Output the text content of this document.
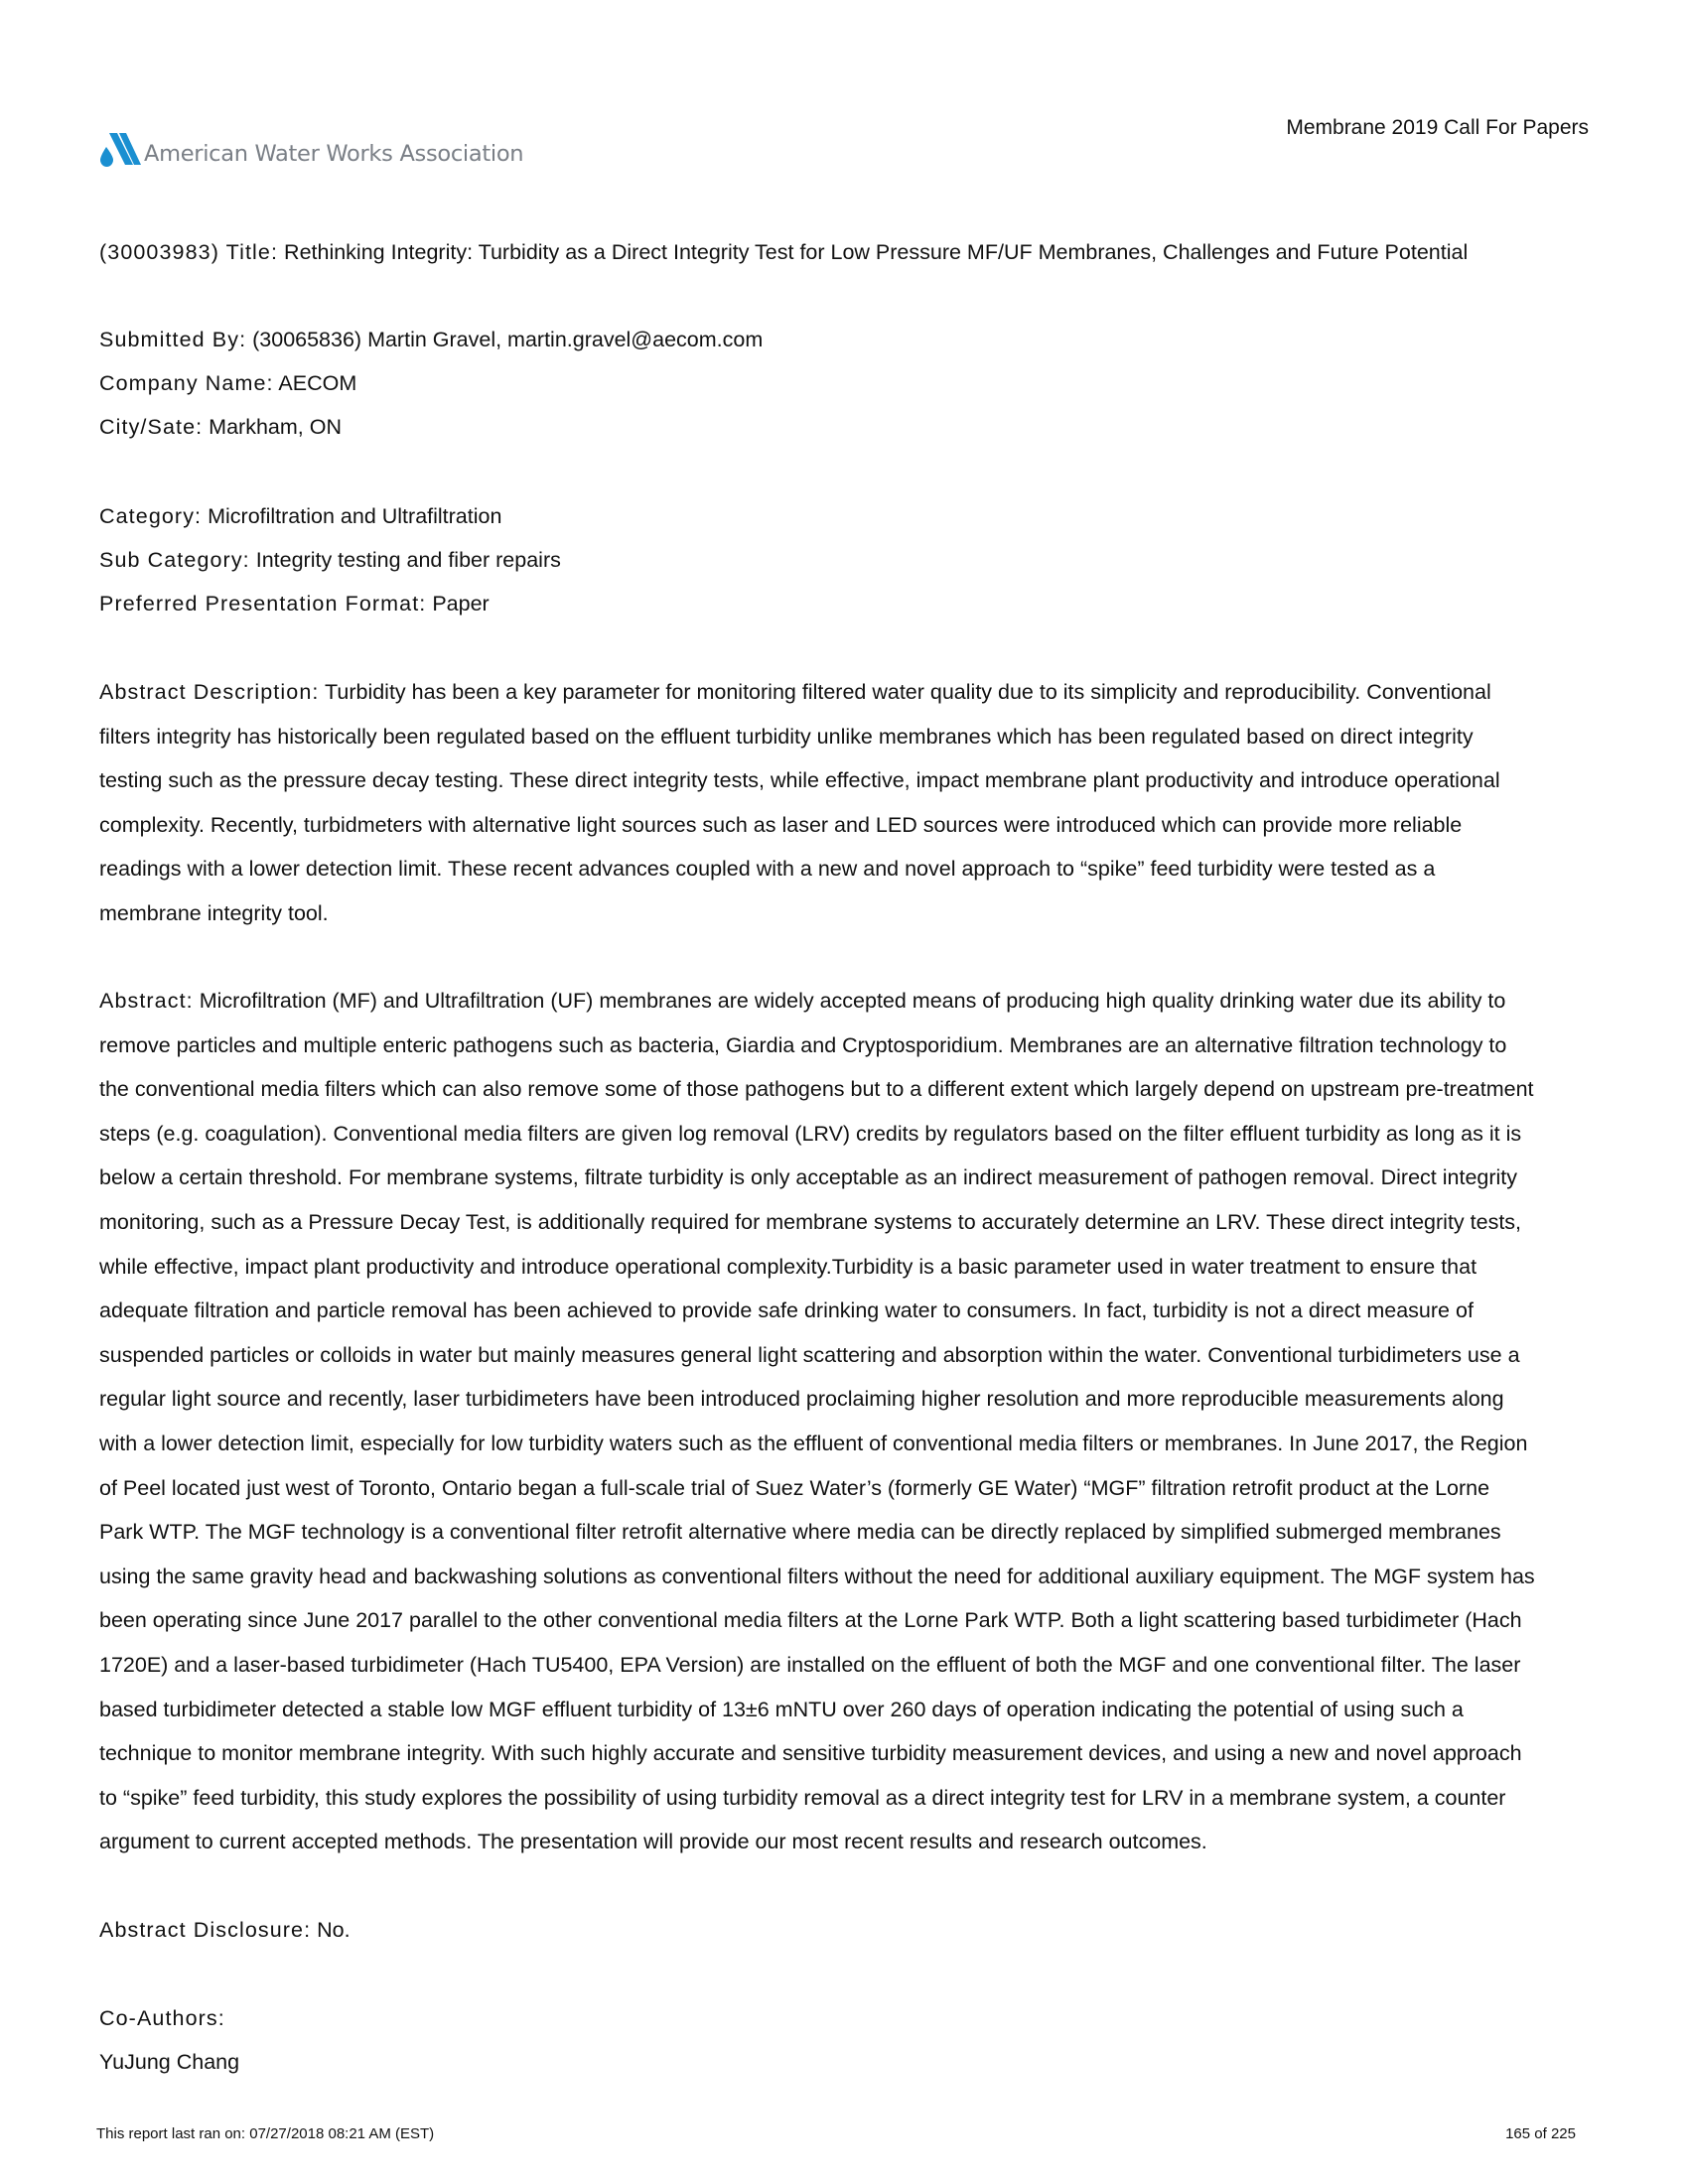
American Water Works Association
Membrane 2019 Call For Papers
(30003983) Title: Rethinking Integrity: Turbidity as a Direct Integrity Test for Low Pressure MF/UF Membranes, Challenges and Future Potential
Submitted By: (30065836) Martin Gravel, martin.gravel@aecom.com
Company Name: AECOM
City/Sate: Markham, ON
Category: Microfiltration and Ultrafiltration
Sub Category: Integrity testing and fiber repairs
Preferred Presentation Format: Paper
Abstract Description: Turbidity has been a key parameter for monitoring filtered water quality due to its simplicity and reproducibility. Conventional
filters integrity has historically been regulated based on the effluent turbidity unlike membranes which has been regulated based on direct integrity
testing such as the pressure decay testing. These direct integrity tests, while effective, impact membrane plant productivity and introduce operational
complexity. Recently, turbidmeters with alternative light sources such as laser and LED sources were introduced which can provide more reliable
readings with a lower detection limit. These recent advances coupled with a new and novel approach to “spike” feed turbidity were tested as a
membrane integrity tool.
Abstract: Microfiltration (MF) and Ultrafiltration (UF) membranes are widely accepted means of producing high quality drinking water due its ability to
remove particles and multiple enteric pathogens such as bacteria, Giardia and Cryptosporidium. Membranes are an alternative filtration technology to
the conventional media filters which can also remove some of those pathogens but to a different extent which largely depend on upstream pre-treatment
steps (e.g. coagulation). Conventional media filters are given log removal (LRV) credits by regulators based on the filter effluent turbidity as long as it is
below a certain threshold. For membrane systems, filtrate turbidity is only acceptable as an indirect measurement of pathogen removal. Direct integrity
monitoring, such as a Pressure Decay Test, is additionally required for membrane systems to accurately determine an LRV. These direct integrity tests,
while effective, impact plant productivity and introduce operational complexity.Turbidity is a basic parameter used in water treatment to ensure that
adequate filtration and particle removal has been achieved to provide safe drinking water to consumers. In fact, turbidity is not a direct measure of
suspended particles or colloids in water but mainly measures general light scattering and absorption within the water. Conventional turbidimeters use a
regular light source and recently, laser turbidimeters have been introduced proclaiming higher resolution and more reproducible measurements along
with a lower detection limit, especially for low turbidity waters such as the effluent of conventional media filters or membranes. In June 2017, the Region
of Peel located just west of Toronto, Ontario began a full-scale trial of Suez Water’s (formerly GE Water) “MGF” filtration retrofit product at the Lorne
Park WTP. The MGF technology is a conventional filter retrofit alternative where media can be directly replaced by simplified submerged membranes
using the same gravity head and backwashing solutions as conventional filters without the need for additional auxiliary equipment. The MGF system has
been operating since June 2017 parallel to the other conventional media filters at the Lorne Park WTP. Both a light scattering based turbidimeter (Hach
1720E) and a laser-based turbidimeter (Hach TU5400, EPA Version) are installed on the effluent of both the MGF and one conventional filter. The laser
based turbidimeter detected a stable low MGF effluent turbidity of 13±6 mNTU over 260 days of operation indicating the potential of using such a
technique to monitor membrane integrity. With such highly accurate and sensitive turbidity measurement devices, and using a new and novel approach
to “spike” feed turbidity, this study explores the possibility of using turbidity removal as a direct integrity test for LRV in a membrane system, a counter
argument to current accepted methods. The presentation will provide our most recent results and research outcomes.
Abstract Disclosure: No.
Co-Authors:
YuJung Chang
This report last ran on: 07/27/2018 08:21 AM (EST)	165 of 225
